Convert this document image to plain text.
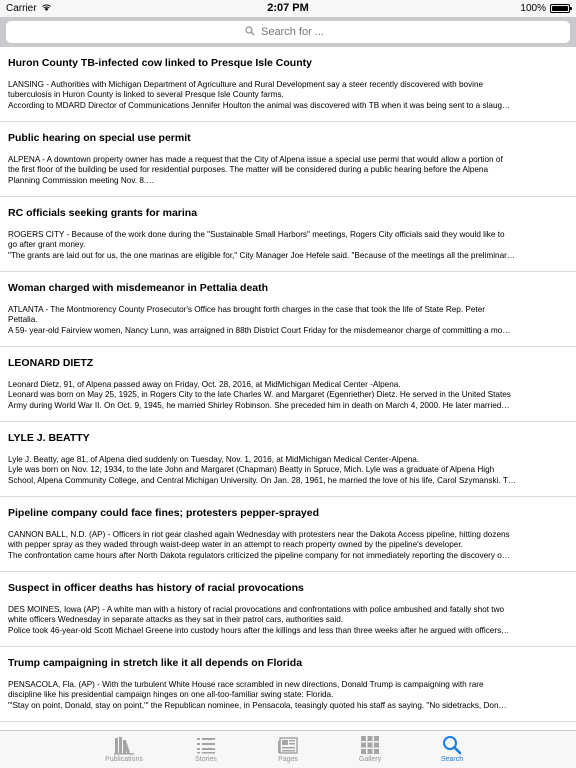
Carrier	2:07 PM	100%
Search for ...
Huron County TB-infected cow linked to Presque Isle County
LANSING - Authorities with Michigan Department of Agriculture and Rural Development say a steer recently discovered with bovine
tuberculosis in Huron County is linked to several Presque Isle County farms.
According to MDARD Director of Communications Jennifer Houlton the animal was discovered with TB when it was being sent to a slaug…
Public hearing on special use permit
ALPENA - A downtown property owner has made a request that the City of Alpena issue a special use permi that would allow a portion of
the first floor of the building be used for residential purposes. The matter will be considered during a public hearing before the Alpena
Planning Commission meeting Nov. 8.…
RC officials seeking grants for marina
ROGERS CITY - Because of the work done during the "Sustainable Small Harbors" meetings, Rogers City officials said they would like to
go after grant money.
"The grants are laid out for us, the one marinas are eligible for," City Manager Joe Hefele said. "Because of the meetings all the preliminar…
Woman charged with misdemeanor in Pettalia death
ATLANTA - The Montmorency County Prosecutor's Office has brought forth charges in the case that took the life of State Rep. Peter
Pettalia.
A 59- year-old Fairview women, Nancy Lunn, was arraigned in 88th District Court Friday for the misdemeanor charge of committing a mo…
LEONARD DIETZ
Leonard Dietz, 91, of Alpena passed away on Friday, Oct. 28, 2016, at MidMichigan Medical Center -Alpena.
Leonard was born on May 25, 1925, in Rogers City to the late Charles W. and Margaret (Egenriether) Dietz. He served in the United States
Army during World War II. On Oct. 9, 1945, he married Shirley Robinson. She preceded him in death on March 4, 2000. He later married…
LYLE J. BEATTY
Lyle J. Beatty, age 81, of Alpena died suddenly on Tuesday, Nov. 1, 2016, at MidMichigan Medical Center-Alpena.
Lyle was born on Nov. 12, 1934, to the late John and Margaret (Chapman) Beatty in Spruce, Mich. Lyle was a graduate of Alpena High
School, Alpena Community College, and Central Michigan University. On Jan. 28, 1961, he married the love of his life, Carol Szymanski. T…
Pipeline company could face fines; protesters pepper-sprayed
CANNON BALL, N.D. (AP) - Officers in riot gear clashed again Wednesday with protesters near the Dakota Access pipeline, hitting dozens
with pepper spray as they waded through waist-deep water in an attempt to reach property owned by the pipeline's developer.
The confrontation came hours after North Dakota regulators criticized the pipeline company for not immediately reporting the discovery o…
Suspect in officer deaths has history of racial provocations
DES MOINES, Iowa (AP) - A white man with a history of racial provocations and confrontations with police ambushed and fatally shot two
white officers Wednesday in separate attacks as they sat in their patrol cars, authorities said.
Police took 46-year-old Scott Michael Greene into custody hours after the killings and less than three weeks after he argued with officers…
Trump campaigning in stretch like it all depends on Florida
PENSACOLA, Fla. (AP) - With the turbulent White House race scrambled in new directions, Donald Trump is campaigning with rare
discipline like his presidential campaign hinges on one all-too-familiar swing state: Florida.
"'Stay on point, Donald, stay on point,'" the Republican nominee, in Pensacola, teasingly quoted his staff as saying. "No sidetracks, Don…
Publications	Stories	Pages	Gallery	Search
